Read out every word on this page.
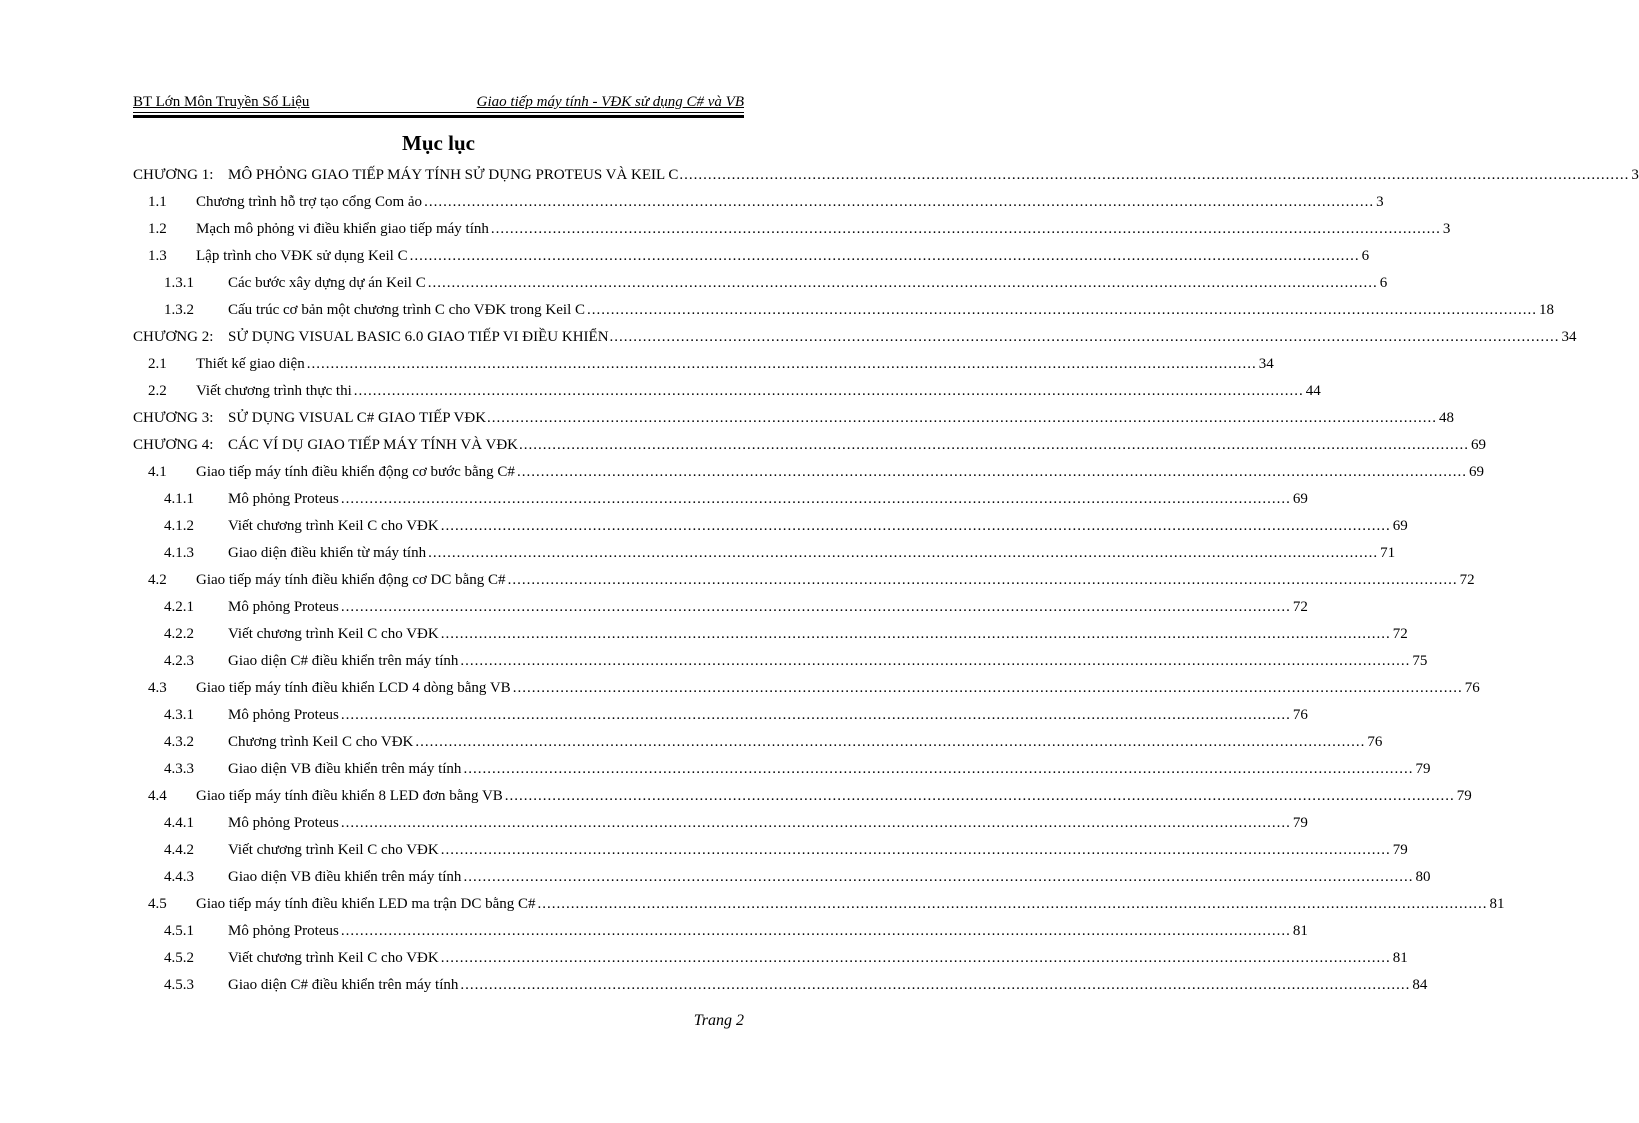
BT Lớn Môn Truyền Số Liệu	Giao tiếp máy tính - VĐK sử dụng C# và VB
Mục lục
CHƯƠNG 1: MÔ PHỎNG GIAO TIẾP MÁY TÍNH SỬ DỤNG PROTEUS VÀ KEIL C ........................................................................................................................................................................................................ 3
1.1	Chương trình hỗ trợ tạo cổng Com ảo ........................................................................................................................................................................................................ 3
1.2	Mạch mô phỏng vi điều khiển giao tiếp máy tính ........................................................................................................................................................................................................ 3
1.3	Lập trình cho VĐK sử dụng Keil C ........................................................................................................................................................................................................ 6
1.3.1	Các bước xây dựng dự án Keil C ........................................................................................................................................................................................................ 6
1.3.2	Cấu trúc cơ bản một chương trình C cho VĐK trong Keil C ........................................................................................................................................................................................................ 18
CHƯƠNG 2: SỬ DỤNG VISUAL BASIC 6.0 GIAO TIẾP VI ĐIỀU KHIỂN ........................................................................................................................................................................................................ 34
2.1	Thiết kế giao diện ........................................................................................................................................................................................................ 34
2.2	Viết chương trình thực thi ........................................................................................................................................................................................................ 44
CHƯƠNG 3: SỬ DỤNG VISUAL C# GIAO TIẾP VĐK ........................................................................................................................................................................................................ 48
CHƯƠNG 4: CÁC VÍ DỤ GIAO TIẾP MÁY TÍNH VÀ VĐK ........................................................................................................................................................................................................ 69
4.1	Giao tiếp máy tính điều khiển động cơ bước bằng C# ........................................................................................................................................................................................................ 69
4.1.1	Mô phỏng Proteus ........................................................................................................................................................................................................ 69
4.1.2	Viết chương trình Keil C cho VĐK ........................................................................................................................................................................................................ 69
4.1.3	Giao diện điều khiển từ máy tính ........................................................................................................................................................................................................ 71
4.2	Giao tiếp máy tính điều khiển động cơ DC bằng C# ........................................................................................................................................................................................................ 72
4.2.1	Mô phỏng Proteus ........................................................................................................................................................................................................ 72
4.2.2	Viết chương trình Keil C cho VĐK ........................................................................................................................................................................................................ 72
4.2.3	Giao diện C# điều khiển trên máy tính ........................................................................................................................................................................................................ 75
4.3	Giao tiếp máy tính điều khiển LCD 4 dòng bằng VB ........................................................................................................................................................................................................ 76
4.3.1	Mô phỏng Proteus ........................................................................................................................................................................................................ 76
4.3.2	Chương trình Keil C cho VĐK ........................................................................................................................................................................................................ 76
4.3.3	Giao diện VB điều khiển trên máy tính ........................................................................................................................................................................................................ 79
4.4	Giao tiếp máy tính điều khiển 8 LED đơn bằng VB ........................................................................................................................................................................................................ 79
4.4.1	Mô phỏng Proteus ........................................................................................................................................................................................................ 79
4.4.2	Viết chương trình Keil C cho VĐK ........................................................................................................................................................................................................ 79
4.4.3	Giao diện VB điều khiển trên máy tính ........................................................................................................................................................................................................ 80
4.5	Giao tiếp máy tính điều khiển LED ma trận DC bằng C# ........................................................................................................................................................................................................ 81
4.5.1	Mô phỏng Proteus ........................................................................................................................................................................................................ 81
4.5.2	Viết chương trình Keil C cho VĐK ........................................................................................................................................................................................................ 81
4.5.3	Giao diện C# điều khiển trên máy tính ........................................................................................................................................................................................................ 84
Trang 2
